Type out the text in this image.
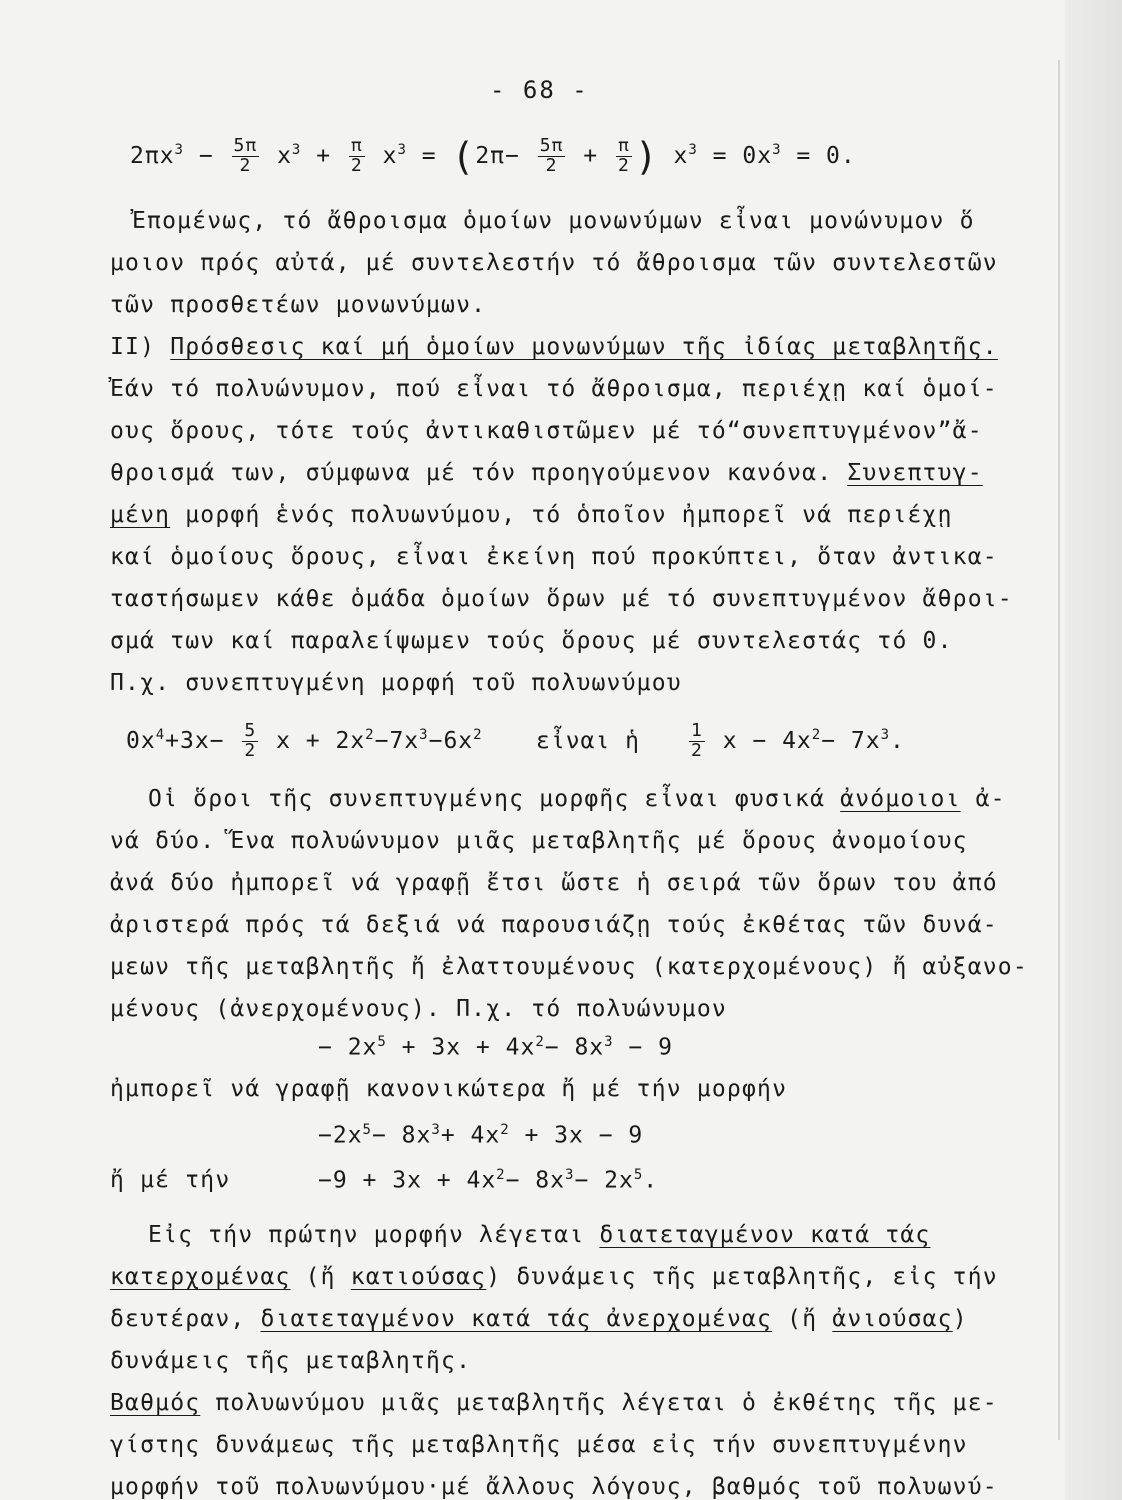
- 68 -
$2\pi x^3 - \frac{5\pi}{2} x^3 + \frac{\pi}{2} x^3 = (2\pi- \frac{5\pi}{2} + \frac{\pi}{2}$ ) $x^3 = 0x^3 = 0$.
Ἐπομένως, τό ἄθροισμα ὁμοίων μονωνύμων εἶναι μονώνυμον ὅ
μοιον πρός αὐτά, μέ συντελεστήν τό ἄθροισμα τῶν συντελεστῶν
τῶν προσθετέων μονωνύμων.
II) Πρόσθεσις καί μή ὁμοίων μονωνύμων τῆς ἰδίας μεταβλητῆς.
Ἐάν τό πολυώνυμον, πού εἶναι τό ἄθροισμα, περιέχῃ καί ὁμοί-
ους ὅρους, τότε τούς ἀντικαθιστῶμεν μέ τό“συνεπτυγμένον”ἄ-
θροισμά των, σύμφωνα μέ τόν προηγούμενον κανόνα. Συνεπτυγ-
μένη μορφή ἑνός πολυωνύμου, τό ὁποῖον ἠμπορεῖ νά περιέχῃ
καί ὁμοίους ὅρους, εἶναι ἐκείνη πού προκύπτει, ὅταν ἀντικα-
ταστήσωμεν κάθε ὁμάδα ὁμοίων ὅρων μέ τό συνεπτυγμένον ἄθροι-
σμά των καί παραλείψωμεν τούς ὅρους μέ συντελεστάς τό 0.
Π.χ. συνεπτυγμένη μορφή τοῦ πολυωνύμου
$0x^4+3x- \frac{5}{2}$ $x + 2x^2-7x^3-6x^2$ εἶναι ἡ	$\frac{1}{2}$ $x - 4x^2- 7x^3$.
Οἱ ὅροι τῆς συνεπτυγμένης μορφῆς εἶναι φυσικά ἀνόμοιοι ἀ-
νά δύο. Ἕνα πολυώνυμον μιᾶς μεταβλητῆς μέ ὅρους ἀνομοίους
ἀνά δύο ἠμπορεῖ νά γραφῇ ἔτσι ὥστε ἡ σειρά τῶν ὅρων του ἀπό
ἀριστερά πρός τά δεξιά νά παρουσιάζῃ τούς ἐκθέτας τῶν δυνά-
μεων τῆς μεταβλητῆς ἤ ἐλαττουμένους (κατερχομένους) ἤ αὐξανο-
μένους (ἀνερχομένους). Π.χ. τό πολυώνυμον
− $2x^5 + 3x + 4x^2- 8x^3 - 9$
ἠμπορεῖ νά γραφῇ κανονικώτερα ἤ μέ τήν μορφήν
$-2x^5- 8x^3+ 4x^2 + 3x - 9$
ἤ μέ τήν	$-9 + 3x + 4x^2- 8x^3- 2x^5$.
Εἰς τήν πρώτην μορφήν λέγεται διατεταγμένον κατά τάς
κατερχομένας (ἤ κατιούσας) δυνάμεις τῆς μεταβλητῆς, εἰς τήν
δευτέραν, διατεταγμένον κατά τάς ἀνερχομένας (ἤ ἀνιούσας)
δυνάμεις τῆς μεταβλητῆς.
Βαθμός πολυωνύμου μιᾶς μεταβλητῆς λέγεται ὁ ἐκθέτης τῆς με-
γίστης δυνάμεως τῆς μεταβλητῆς μέσα εἰς τήν συνεπτυγμένην
μορφήν τοῦ πολυωνύμου·μέ ἄλλους λόγους, βαθμός τοῦ πολυωνύ-
